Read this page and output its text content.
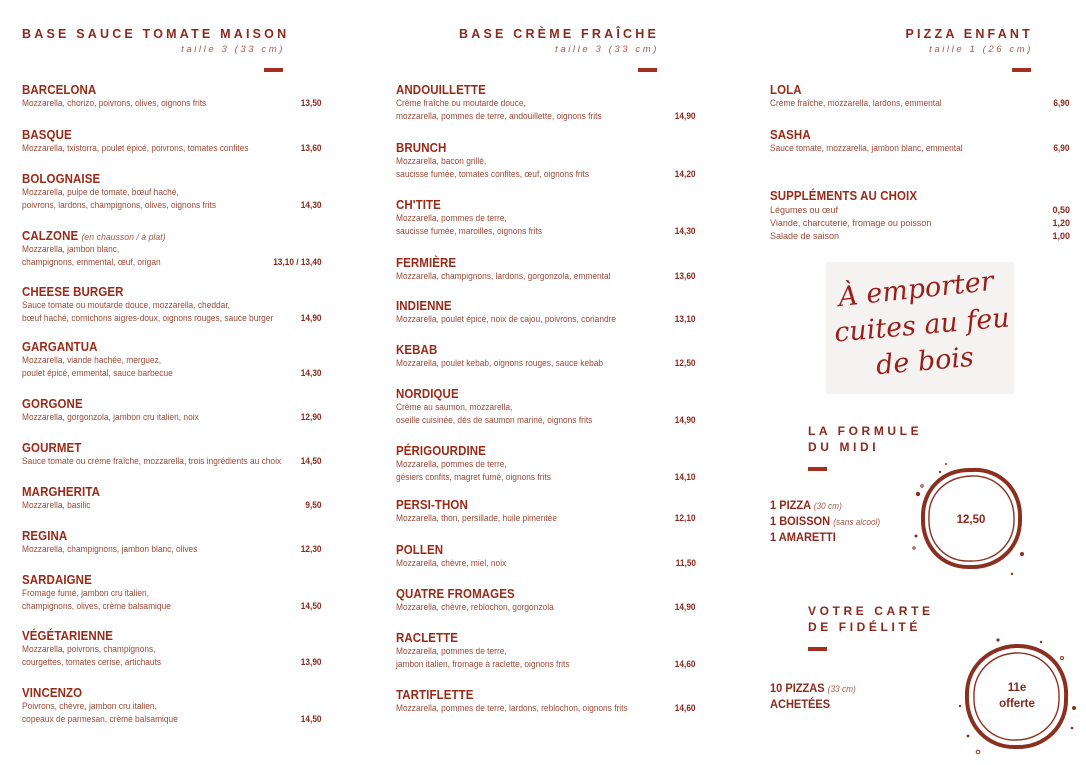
BASE SAUCE TOMATE MAISON
taille 3 (33 cm)
BASE CRÈME FRAÎCHE
taille 3 (33 cm)
PIZZA ENFANT
taille 1 (26 cm)
BARCELONA
Mozzarella, chorizo, poivrons, olives, oignons frits	13,50
BASQUE
Mozzarella, txistorra, poulet épicé, poivrons, tomates confites	13,60
BOLOGNAISE
Mozzarella, pulpe de tomate, bœuf haché,
poivrons, lardons, champignons, olives, oignons frits	14,30
CALZONE (en chausson / à plat)
Mozzarella, jambon blanc,
champignons, emmental, œuf, origan	13,10 / 13,40
CHEESE BURGER
Sauce tomate ou moutarde douce, mozzarella, cheddar,
bœuf haché, cornichons aigres-doux, oignons rouges, sauce burger	14,90
GARGANTUA
Mozzarella, viande hachée, merguez,
poulet épicé, emmental, sauce barbecue	14,30
GORGONE
Mozzarella, gorgonzola, jambon cru italien, noix	12,90
GOURMET
Sauce tomate ou crème fraîche, mozzarella, trois ingrédients au choix	14,50
MARGHERITA
Mozzarella, basilic	9,50
REGINA
Mozzarella, champignons, jambon blanc, olives	12,30
SARDAIGNE
Fromage fumé, jambon cru italien,
champignons, olives, crème balsamique	14,50
VÉGÉTARIENNE
Mozzarella, poivrons, champignons,
courgettes, tomates cerise, artichauts	13,90
VINCENZO
Poivrons, chèvre, jambon cru italien,
copeaux de parmesan, crème balsamique	14,50
ANDOUILLETTE
Crème fraîche ou moutarde douce,
mozzarella, pommes de terre, andouillette, oignons frits	14,90
BRUNCH
Mozzarella, bacon grillé,
saucisse fumée, tomates confites, œuf, oignons frits	14,20
CH'TITE
Mozzarella, pommes de terre,
saucisse fumée, maroilles, oignons frits	14,30
FERMIÈRE
Mozzarella, champignons, lardons, gorgonzola, emmental	13,60
INDIENNE
Mozzarella, poulet épicé, noix de cajou, poivrons, coriandre	13,10
KEBAB
Mozzarella, poulet kebab, oignons rouges, sauce kebab	12,50
NORDIQUE
Crème au saumon, mozzarella,
oseille cuisinée, dés de saumon mariné, oignons frits	14,90
PÉRIGOURDINE
Mozzarella, pommes de terre,
gésiers confits, magret fumé, oignons frits	14,10
PERSI-THON
Mozzarella, thon, persillade, huile pimentée	12,10
POLLEN
Mozzarella, chèvre, miel, noix	11,50
QUATRE FROMAGES
Mozzarella, chèvre, reblochon, gorgonzola	14,90
RACLETTE
Mozzarella, pommes de terre,
jambon italien, fromage à raclette, oignons frits	14,60
TARTIFLETTE
Mozzarella, pommes de terre, lardons, reblochon, oignons frits	14,60
SUPPLÉMENTS AU CHOIX
Légumes ou œuf	0,50
Viande, charcuterie, fromage ou poisson	1,20
Salade de saison	1,00
LOLA
Crème fraîche, mozzarella, lardons, emmental	6,90
SASHA
Sauce tomate, mozzarella, jambon blanc, emmental	6,90
À emporter
cuites au feu
de bois
LA FORMULE
DU MIDI
1 PIZZA (30 cm)
1 BOISSON (sans alcool)
1 AMARETTI
12,50
VOTRE CARTE
DE FIDÉLITÉ
10 PIZZAS (33 cm)
ACHETÉES
11e
offerte
